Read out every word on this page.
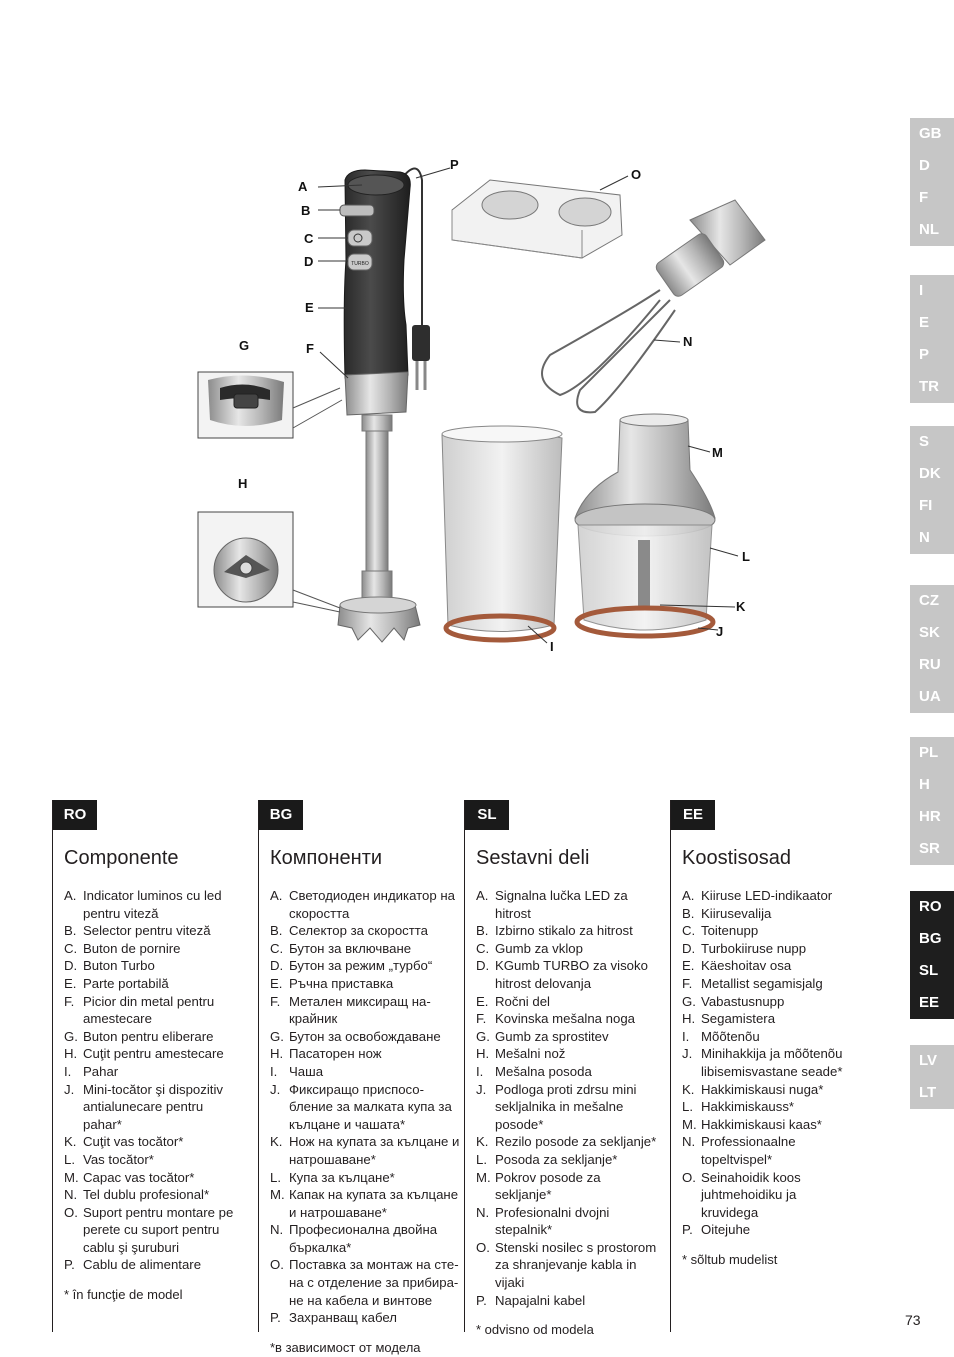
GB
D
F
NL
I
E
P
TR
S
DK
FI
N
CZ
SK
RU
UA
PL
H
HR
SR
RO
BG
SL
EE
LV
LT
TURBO
A
B
C
D
E
F
G
H
I
J
K
L
M
N
O
P
RO
Componente
A. Indicator luminos cu led
pentru viteză
B. Selector pentru viteză
C. Buton de pornire
D. Buton Turbo
E. Parte portabilă
F. Picior din metal pentru
amestecare
G. Buton pentru eliberare
H. Cuţit pentru amestecare
I. Pahar
J. Mini-tocător şi dispozitiv
antialunecare pentru
pahar*
K. Cuţit vas tocător*
L. Vas tocător*
M. Capac vas tocător*
N. Tel dublu profesional*
O. Suport pentru montare pe
perete cu suport pentru
cablu şi şuruburi
P. Cablu de alimentare
* în funcţie de model
BG
Компоненти
A. Светодиоден индикатор на
скоростта
B. Селектор за скоростта
C. Бутон за включване
D. Бутон за режим „турбо“
E. Ръчна приставка
F. Метален миксиращ на-
крайник
G. Бутон за освобождаване
H. Пасаторен нож
I. Чаша
J. Фиксиращо приспосо-
бление за малката купа за
кълцане и чашата*
K. Нож на купата за кълцане и
натрошаване*
L. Купа за кълцане*
M. Капак на купата за кълцане
и натрошаване*
N. Професионална двойна
бъркалка*
O. Поставка за монтаж на сте-
на с отделение за прибира-
не на кабела и винтове
P. Захранващ кабел
*в зависимост от модела
SL
Sestavni deli
A. Signalna lučka LED za
hitrost
B. Izbirno stikalo za hitrost
C. Gumb za vklop
D. KGumb TURBO za visoko
hitrost delovanja
E. Ročni del
F. Kovinska mešalna noga
G. Gumb za sprostitev
H. Mešalni nož
I. Mešalna posoda
J. Podloga proti zdrsu mini
sekljalnika in mešalne
posode*
K. Rezilo posode za sekljanje*
L. Posoda za sekljanje*
M. Pokrov posode za
sekljanje*
N. Profesionalni dvojni
stepalnik*
O. Stenski nosilec s prostorom
za shranjevanje kabla in
vijaki
P. Napajalni kabel
* odvisno od modela
EE
Koostisosad
A. Kiiruse LED-indikaator
B. Kiirusevalija
C. Toitenupp
D. Turbokiiruse nupp
E. Käeshoitav osa
F. Metallist segamisjalg
G. Vabastusnupp
H. Segamistera
I. Mõõtenõu
J. Minihakkija ja mõõtenõu
libisemisvastane seade*
K. Hakkimiskausi nuga*
L. Hakkimiskauss*
M. Hakkimiskausi kaas*
N. Professionaalne
topeltvispel*
O. Seinahoidik koos
juhtmehoidiku ja
kruvidega
P. Oitejuhe
* sõltub mudelist
73
